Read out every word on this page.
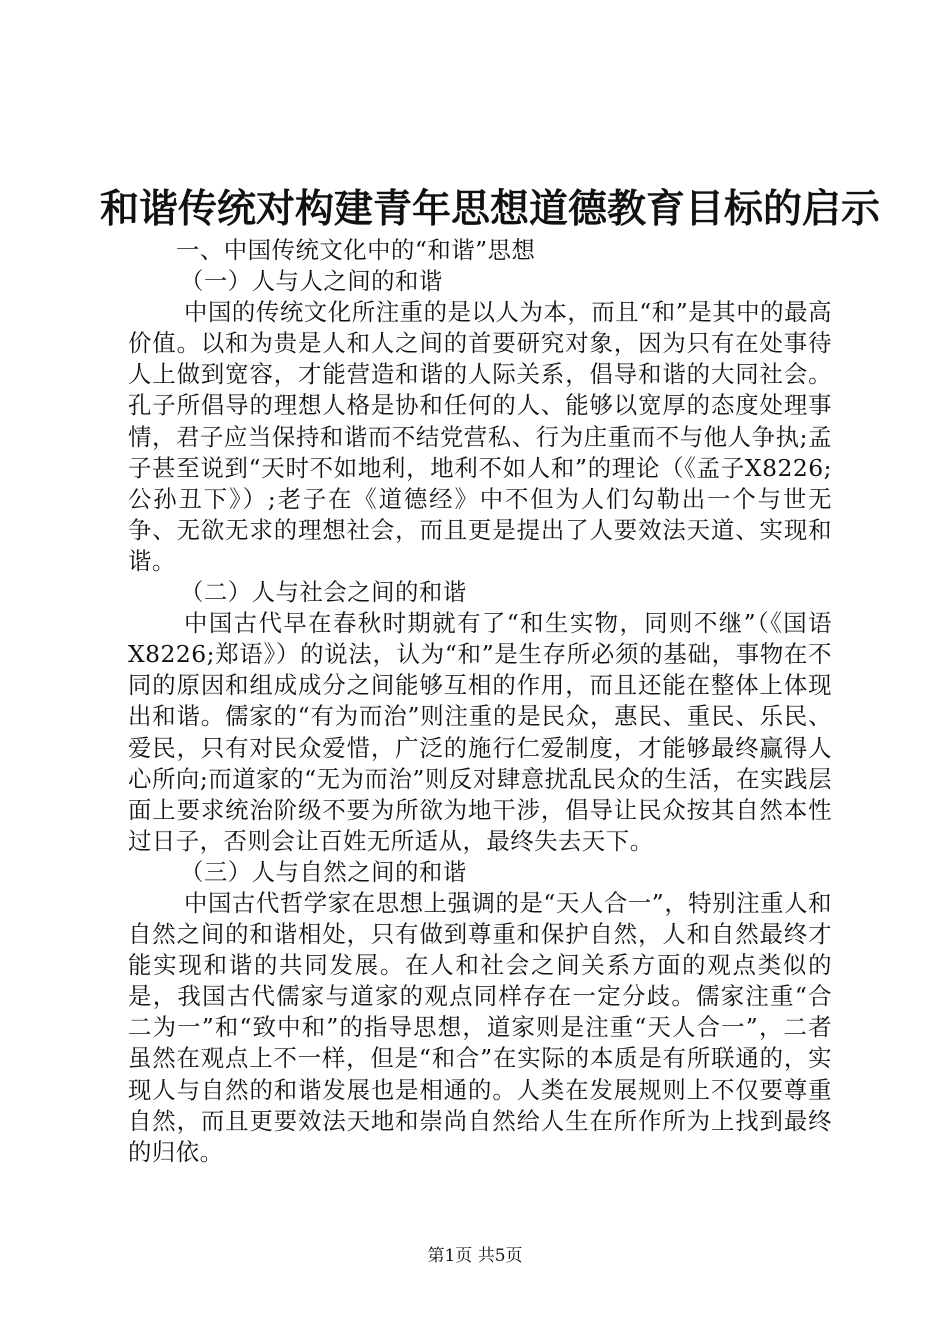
和谐传统对构建青年思想道德教育目标的启示

一、中国传统文化中的“和谐”思想

（一）人与人之间的和谐

中国的传统文化所注重的是以人为本，而且“和”是其中的最高价值。以和为贵是人和人之间的首要研究对象，因为只有在处事待人上做到宽容，才能营造和谐的人际关系，倡导和谐的大同社会。孔子所倡导的理想人格是协和任何的人、能够以宽厚的态度处理事情，君子应当保持和谐而不结党营私、行为庄重而不与他人争执;孟子甚至说到“天时不如地利，地利不如人和”的理论（《孟子X8226;公孙丑下》）;老子在《道德经》中不但为人们勾勒出一个与世无争、无欲无求的理想社会，而且更是提出了人要效法天道、实现和谐。

（二）人与社会之间的和谐

中国古代早在春秋时期就有了“和生实物，同则不继”（《国语X8226;郑语》）的说法，认为“和”是生存所必须的基础，事物在不同的原因和组成成分之间能够互相的作用，而且还能在整体上体现出和谐。儒家的“有为而治”则注重的是民众，惠民、重民、乐民、爱民，只有对民众爱惜，广泛的施行仁爱制度，才能够最终赢得人心所向;而道家的“无为而治”则反对肆意扰乱民众的生活，在实践层面上要求统治阶级不要为所欲为地干涉，倡导让民众按其自然本性过日子，否则会让百姓无所适从，最终失去天下。

（三）人与自然之间的和谐

中国古代哲学家在思想上强调的是“天人合一”，特别注重人和自然之间的和谐相处，只有做到尊重和保护自然，人和自然最终才能实现和谐的共同发展。在人和社会之间关系方面的观点类似的是，我国古代儒家与道家的观点同样存在一定分歧。儒家注重“合二为一”和“致中和”的指导思想，道家则是注重“天人合一”，二者虽然在观点上不一样，但是“和合”在实际的本质是有所联通的，实现人与自然的和谐发展也是相通的。人类在发展规则上不仅要尊重自然，而且更要效法天地和崇尚自然给人生在所作所为上找到最终的归依。

第1页 共5页
